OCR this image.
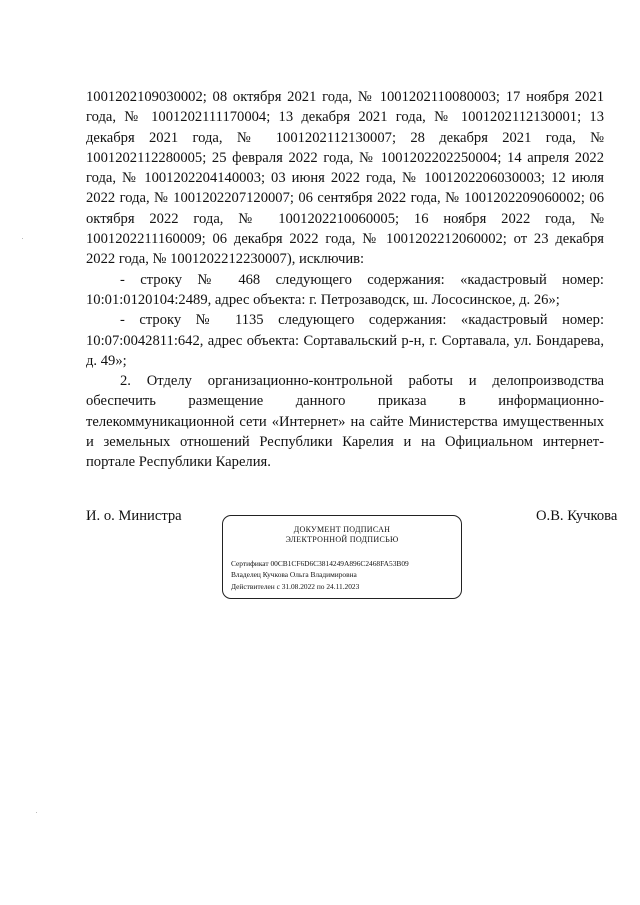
1001202109030002; 08 октября 2021 года, № 1001202110080003; 17 ноября 2021 года, № 1001202111170004; 13 декабря 2021 года, № 1001202112130001; 13 декабря 2021 года, № 1001202112130007; 28 декабря 2021 года, № 1001202112280005; 25 февраля 2022 года, № 1001202202250004; 14 апреля 2022 года, № 1001202204140003; 03 июня 2022 года, № 1001202206030003; 12 июля 2022 года, № 1001202207120007; 06 сентября 2022 года, № 1001202209060002; 06 октября 2022 года, № 1001202210060005; 16 ноября 2022 года, № 1001202211160009; 06 декабря 2022 года, № 1001202212060002; от 23 декабря 2022 года, № 1001202212230007), исключив:

- строку № 468 следующего содержания: «кадастровый номер: 10:01:0120104:2489, адрес объекта: г. Петрозаводск, ш. Лососинское, д. 26»;

- строку № 1135 следующего содержания: «кадастровый номер: 10:07:0042811:642, адрес объекта: Сортавальский р-н, г. Сортавала, ул. Бондарева, д. 49»;

2. Отделу организационно-контрольной работы и делопроизводства обеспечить размещение данного приказа в информационно-телекоммуникационной сети «Интернет» на сайте Министерства имущественных и земельных отношений Республики Карелия и на Официальном интернет-портале Республики Карелия.

И. о. Министра	О.В. Кучкова
ДОКУМЕНТ ПОДПИСАН
ЭЛЕКТРОННОЙ ПОДПИСЬЮ
Сертификат 00CB1CF6D6C3814249A896C2468FA53B09
Владелец Кучкова Ольга Владимировна
Действителен с 31.08.2022 по 24.11.2023
